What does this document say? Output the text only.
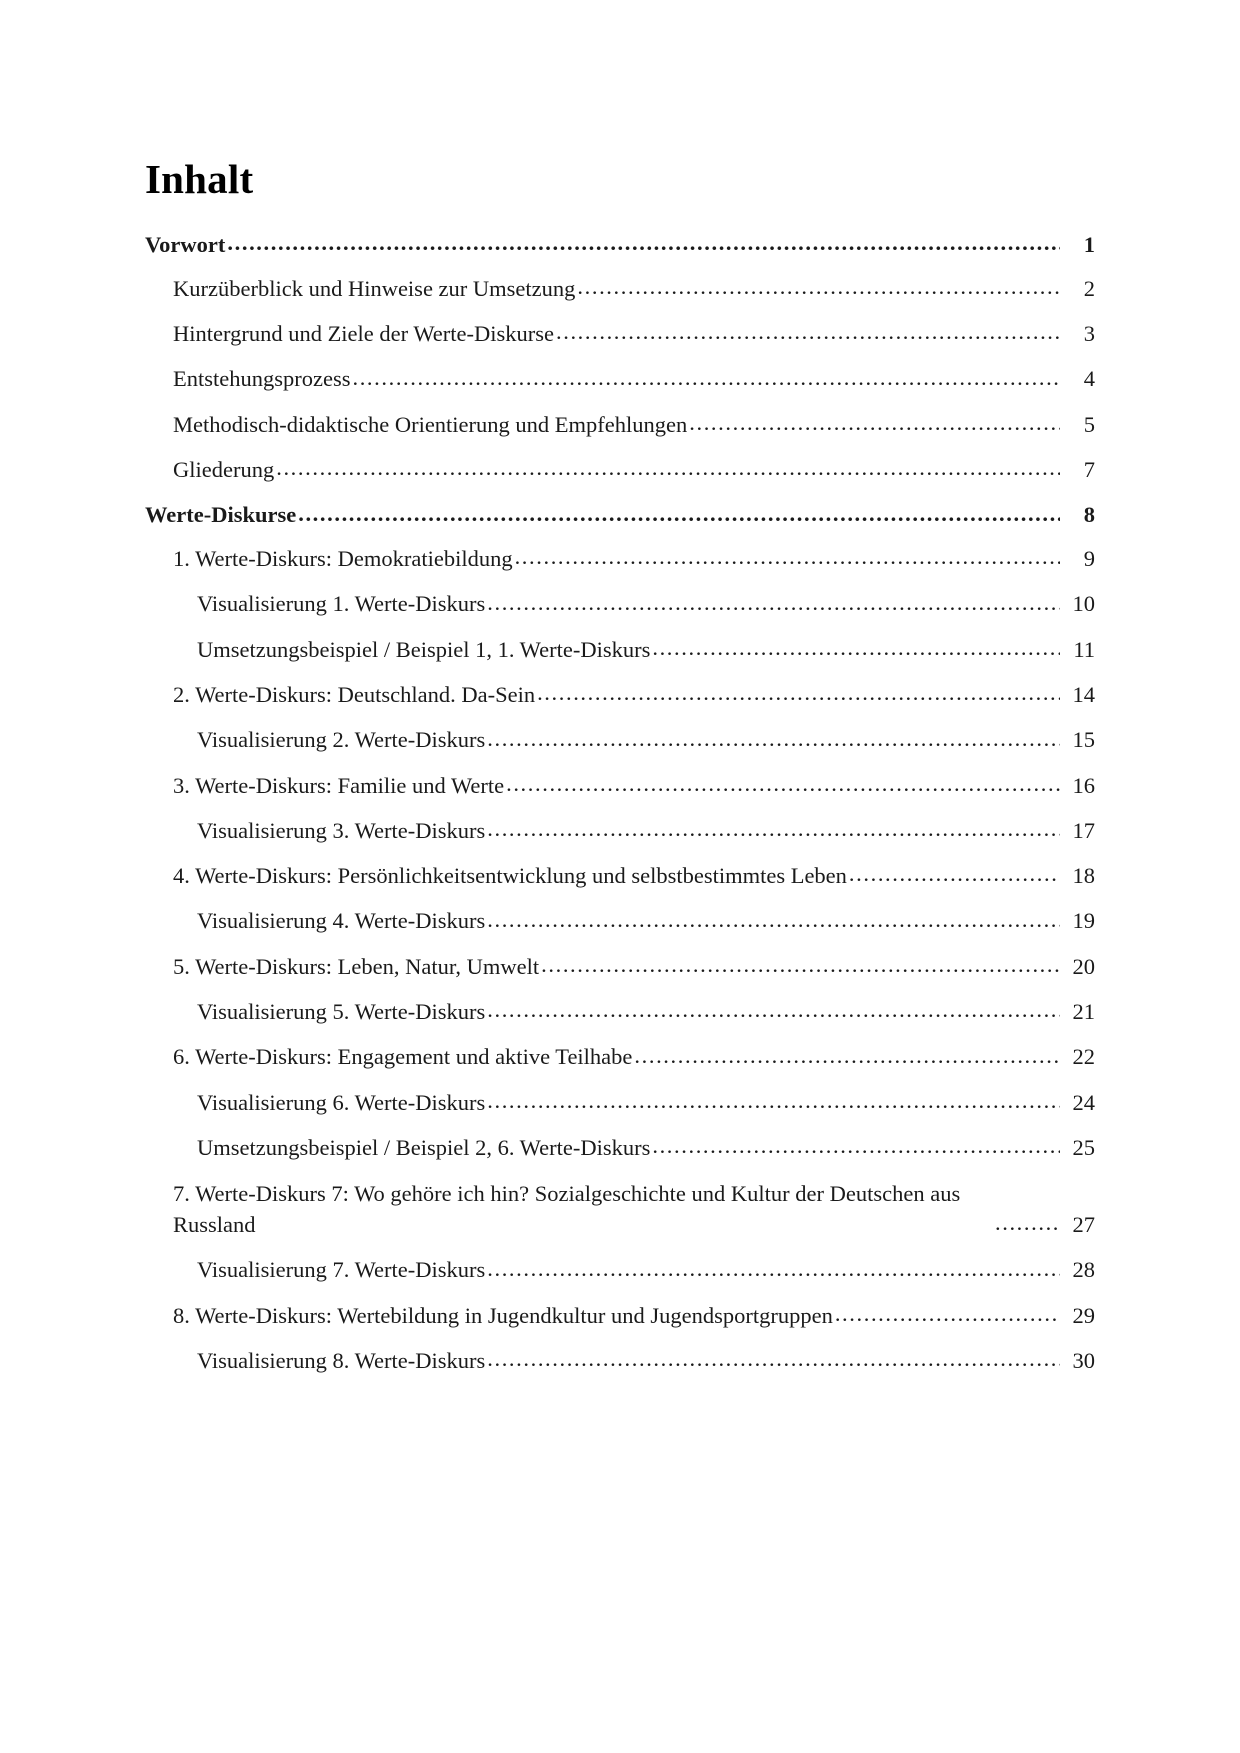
Inhalt
Vorwort .....	1
Kurzüberblick und Hinweise zur Umsetzung .....	2
Hintergrund und Ziele der Werte-Diskurse .....	3
Entstehungsprozess .....	4
Methodisch-didaktische Orientierung und Empfehlungen .....	5
Gliederung .....	7
Werte-Diskurse .....	8
1. Werte-Diskurs: Demokratiebildung .....	9
Visualisierung 1. Werte-Diskurs .....	10
Umsetzungsbeispiel / Beispiel 1, 1. Werte-Diskurs .....	11
2. Werte-Diskurs: Deutschland. Da-Sein .....	14
Visualisierung 2. Werte-Diskurs .....	15
3. Werte-Diskurs: Familie und Werte .....	16
Visualisierung 3. Werte-Diskurs .....	17
4. Werte-Diskurs: Persönlichkeitsentwicklung und selbstbestimmtes Leben .....	18
Visualisierung 4. Werte-Diskurs .....	19
5. Werte-Diskurs: Leben, Natur, Umwelt .....	20
Visualisierung 5. Werte-Diskurs .....	21
6. Werte-Diskurs: Engagement und aktive Teilhabe .....	22
Visualisierung 6. Werte-Diskurs .....	24
Umsetzungsbeispiel / Beispiel 2, 6. Werte-Diskurs .....	25
7. Werte-Diskurs 7: Wo gehöre ich hin? Sozialgeschichte und Kultur der Deutschen aus Russland .....	27
Visualisierung 7. Werte-Diskurs .....	28
8. Werte-Diskurs: Wertebildung in Jugendkultur und Jugendsportgruppen .....	29
Visualisierung 8. Werte-Diskurs .....	30
